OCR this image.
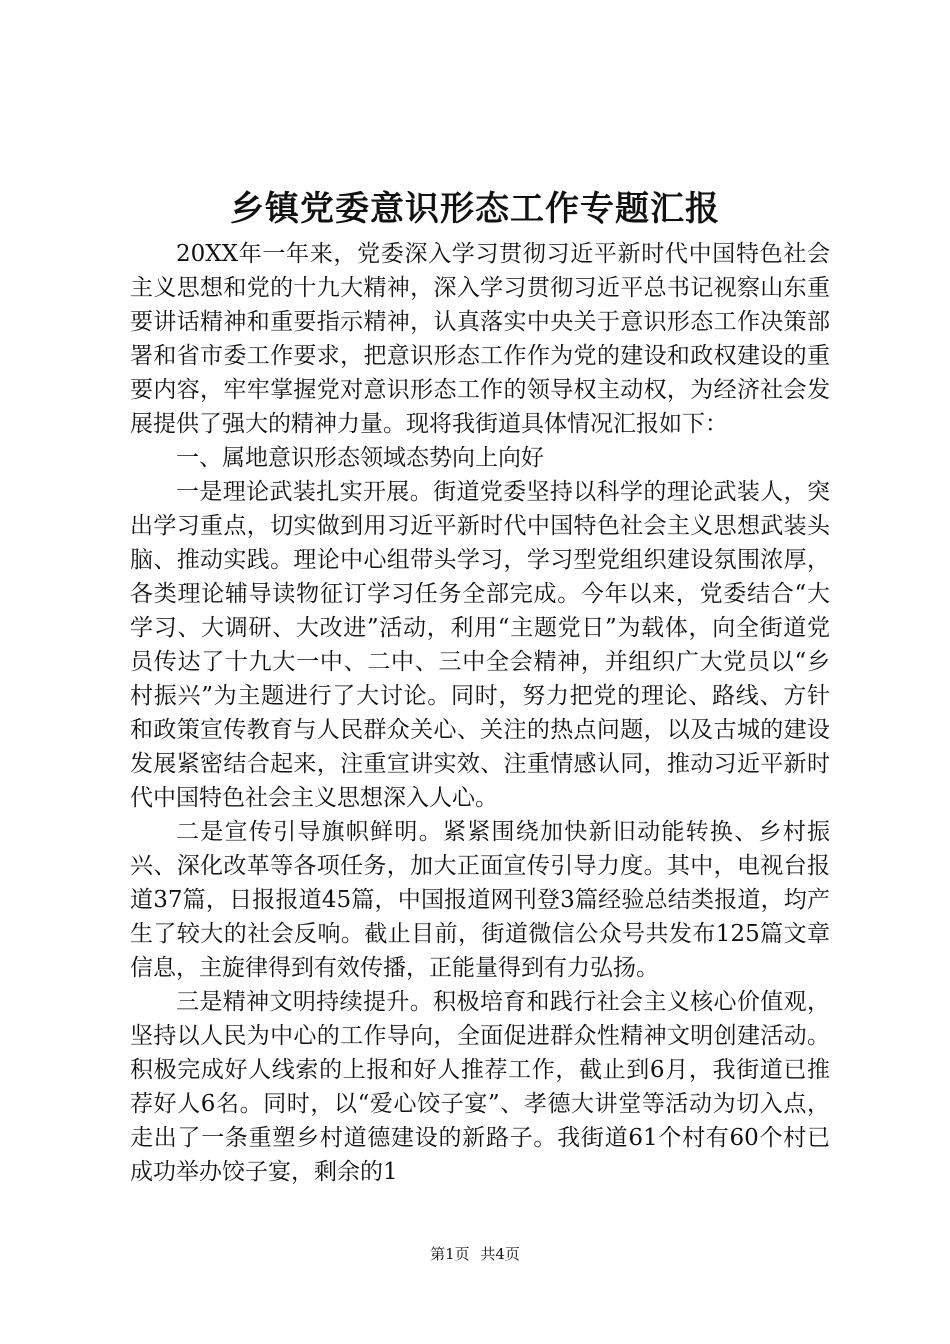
乡镇党委意识形态工作专题汇报

20XX年一年来，党委深入学习贯彻习近平新时代中国特色社会主义思想和党的十九大精神，深入学习贯彻习近平总书记视察山东重要讲话精神和重要指示精神，认真落实中央关于意识形态工作决策部署和省市委工作要求，把意识形态工作作为党的建设和政权建设的重要内容，牢牢掌握党对意识形态工作的领导权主动权，为经济社会发展提供了强大的精神力量。现将我街道具体情况汇报如下：

一、属地意识形态领域态势向上向好

一是理论武装扎实开展。街道党委坚持以科学的理论武装人，突出学习重点，切实做到用习近平新时代中国特色社会主义思想武装头脑、推动实践。理论中心组带头学习，学习型党组织建设氛围浓厚，各类理论辅导读物征订学习任务全部完成。今年以来，党委结合“大学习、大调研、大改进”活动，利用“主题党日”为载体，向全街道党员传达了十九大一中、二中、三中全会精神，并组织广大党员以“乡村振兴”为主题进行了大讨论。同时，努力把党的理论、路线、方针和政策宣传教育与人民群众关心、关注的热点问题，以及古城的建设发展紧密结合起来，注重宣讲实效、注重情感认同，推动习近平新时代中国特色社会主义思想深入人心。

二是宣传引导旗帜鲜明。紧紧围绕加快新旧动能转换、乡村振兴、深化改革等各项任务，加大正面宣传引导力度。其中，电视台报道37篇，日报报道45篇，中国报道网刊登3篇经验总结类报道，均产生了较大的社会反响。截止目前，街道微信公众号共发布125篇文章信息，主旋律得到有效传播，正能量得到有力弘扬。

三是精神文明持续提升。积极培育和践行社会主义核心价值观，坚持以人民为中心的工作导向，全面促进群众性精神文明创建活动。积极完成好人线索的上报和好人推荐工作，截止到6月，我街道已推荐好人6名。同时，以“爱心饺子宴”、孝德大讲堂等活动为切入点，走出了一条重塑乡村道德建设的新路子。我街道61个村有60个村已成功举办饺子宴，剩余的1

第1页 共4页
